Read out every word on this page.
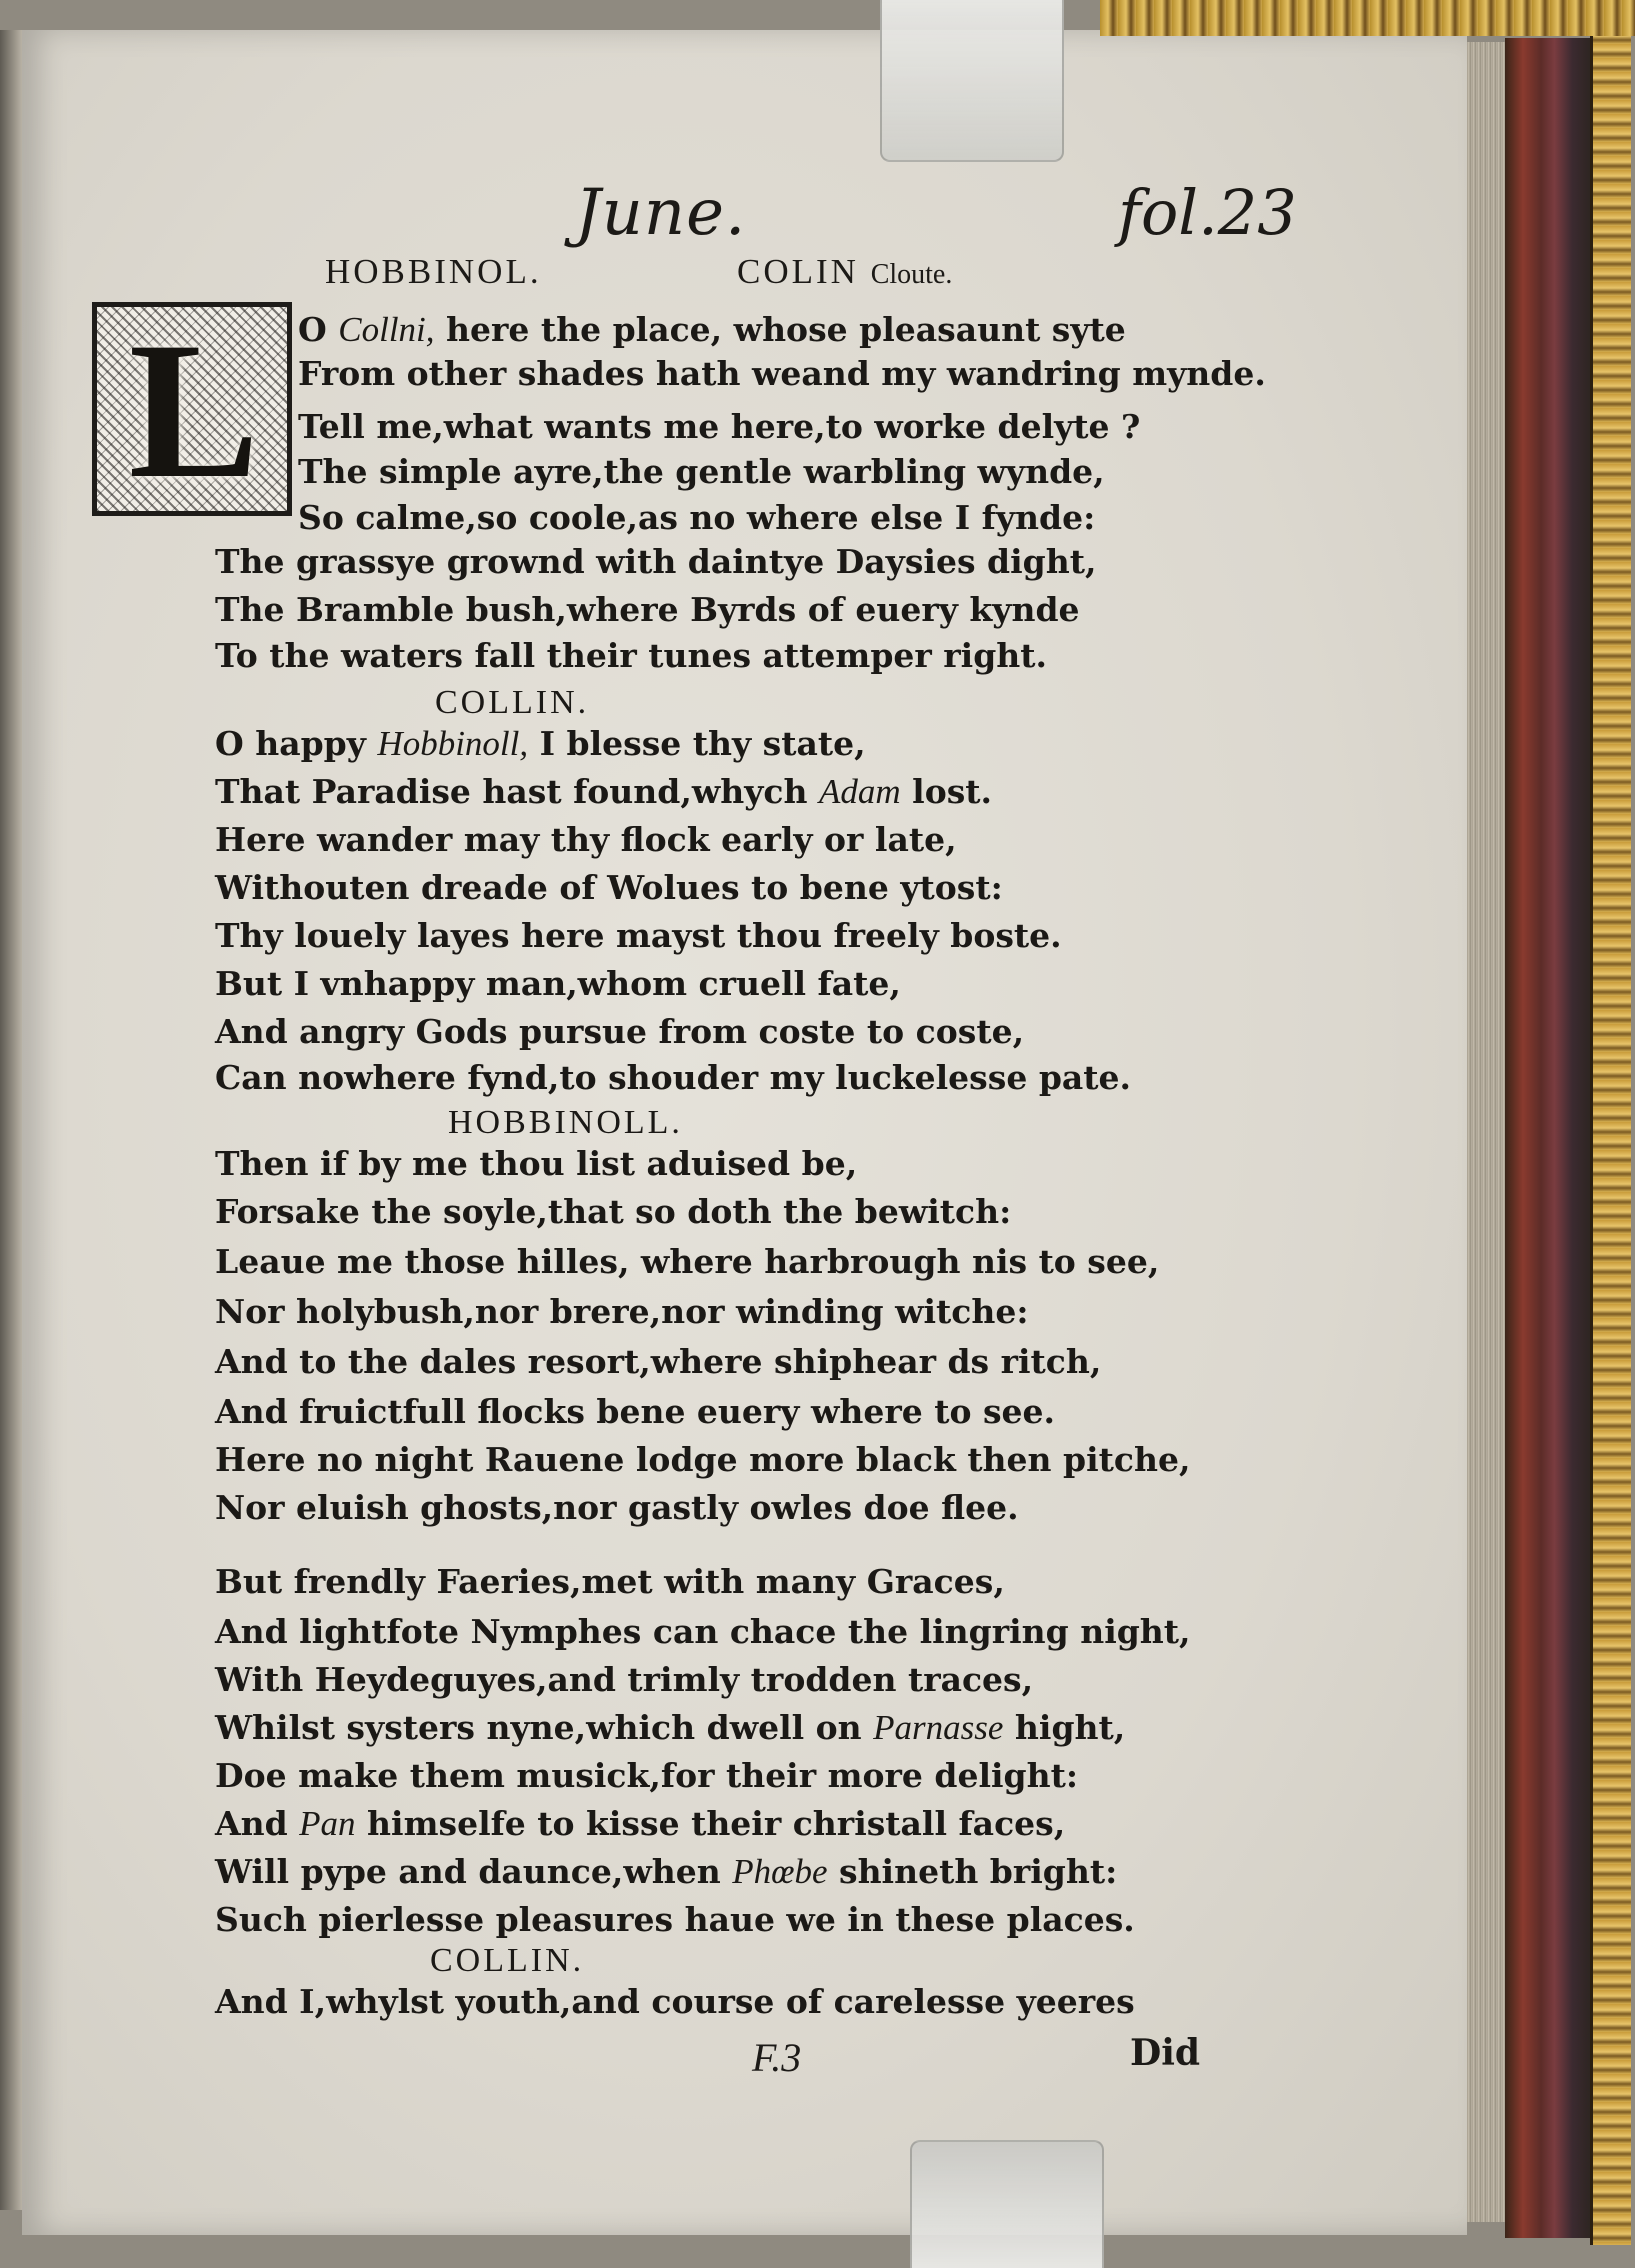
June.	fol.23
HOBBINOL.	COLIN Cloute.
L O Collni, here the place, whose pleasaunt syte
From other shades hath weand my wandring mynde.
Tell me,what wants me here,to worke delyte ?
The simple ayre,the gentle warbling wynde,
So calme,so coole,as no where else I fynde:
The grassye grownd with daintye Daysies dight,
The Bramble bush,where Byrds of euery kynde
To the waters fall their tunes attemper right.
COLLIN.
O happy Hobbinoll, I blesse thy state,
That Paradise hast found,whych Adam lost.
Here wander may thy flock early or late,
Withouten dreade of Wolues to bene ytost:
Thy louely layes here mayst thou freely boste.
But I vnhappy man,whom cruell fate,
And angry Gods pursue from coste to coste,
Can nowhere fynd,to shouder my luckelesse pate.
HOBBINOLL.
Then if by me thou list aduised be,
Forsake the soyle,that so doth the bewitch:
Leaue me those hilles, where harbrough nis to see,
Nor holybush,nor brere,nor winding witche:
And to the dales resort,where shiphear ds ritch,
And fruictfull flocks bene euery where to see.
Here no night Rauene lodge more black then pitche,
Nor eluish ghosts,nor gastly owles doe flee.
But frendly Faeries,met with many Graces,
And lightfote Nymphes can chace the lingring night,
With Heydeguyes,and trimly trodden traces,
Whilst systers nyne,which dwell on Parnasse hight,
Doe make them musick,for their more delight:
And Pan himselfe to kisse their christall faces,
Will pype and daunce,when Phœbe shineth bright:
Such pierlesse pleasures haue we in these places.
COLLIN.
And I,whylst youth,and course of carelesse yeeres
F.3	Did
